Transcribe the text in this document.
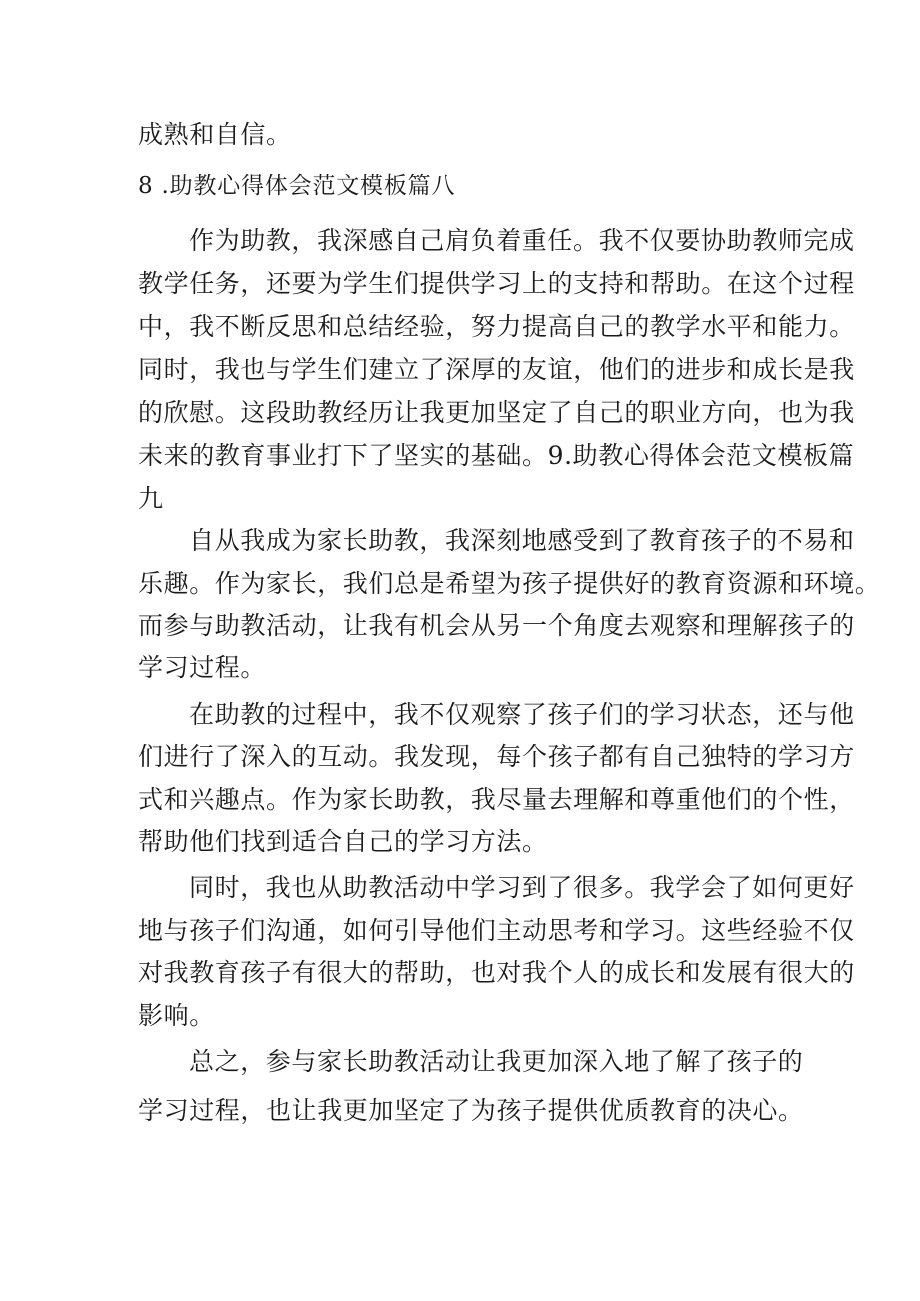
成熟和自信。
8 .助教心得体会范文模板篇八
作为助教，我深感自己肩负着重任。我不仅要协助教师完成
教学任务，还要为学生们提供学习上的支持和帮助。在这个过程
中，我不断反思和总结经验，努力提高自己的教学水平和能力。
同时，我也与学生们建立了深厚的友谊，他们的进步和成长是我
的欣慰。这段助教经历让我更加坚定了自己的职业方向，也为我
未来的教育事业打下了坚实的基础。9.助教心得体会范文模板篇
九
自从我成为家长助教，我深刻地感受到了教育孩子的不易和
乐趣。作为家长，我们总是希望为孩子提供好的教育资源和环境。
而参与助教活动，让我有机会从另一个角度去观察和理解孩子的
学习过程。
在助教的过程中，我不仅观察了孩子们的学习状态，还与他
们进行了深入的互动。我发现，每个孩子都有自己独特的学习方
式和兴趣点。作为家长助教，我尽量去理解和尊重他们的个性，
帮助他们找到适合自己的学习方法。
同时，我也从助教活动中学习到了很多。我学会了如何更好
地与孩子们沟通，如何引导他们主动思考和学习。这些经验不仅
对我教育孩子有很大的帮助，也对我个人的成长和发展有很大的
影响。
总之，参与家长助教活动让我更加深入地了解了孩子的
学习过程，也让我更加坚定了为孩子提供优质教育的决心。
